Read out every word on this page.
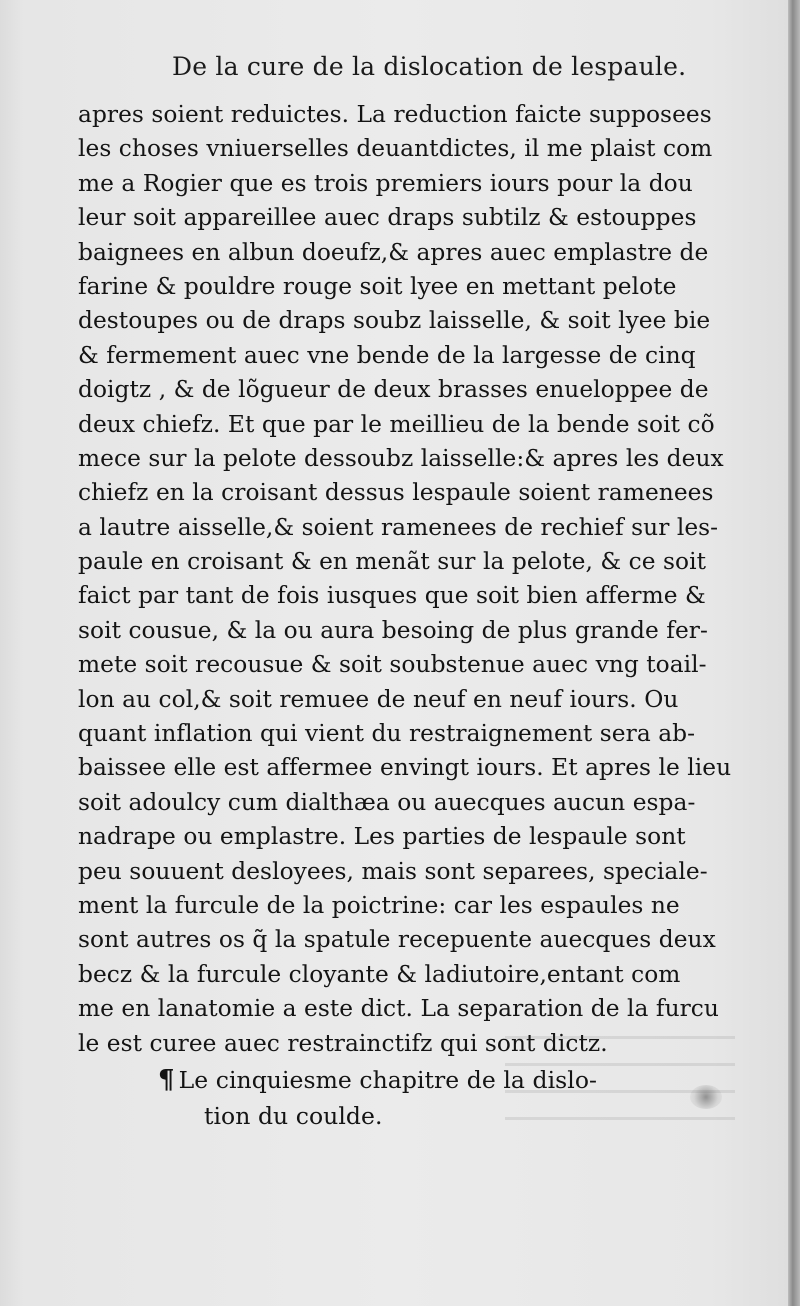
De la cure de la dislocation de lespaule.
apres soient reduictes. La reduction faicte supposees
les choses vniuerselles deuantdictes, il me plaist com
me a Rogier que es trois premiers iours pour la dou
leur soit appareillee auec draps subtilz & estouppes
baignees en albun doeufz,& apres auec emplastre de
farine & pouldre rouge soit lyee en mettant pelote
destoupes ou de draps soubz laisselle, & soit lyee bie
& fermement auec vne bende de la largesse de cinq
doigtz , & de lõgueur de deux brasses enueloppee de
deux chiefz. Et que par le meillieu de la bende soit cõ
mece sur la pelote dessoubz laisselle:& apres les deux
chiefz en la croisant dessus lespaule soient ramenees
a lautre aisselle,& soient ramenees de rechief sur les-
paule en croisant & en menãt sur la pelote, & ce soit
faict par tant de fois iusques que soit bien afferme &
soit cousue, & la ou aura besoing de plus grande fer-
mete soit recousue & soit soubstenue auec vng toail-
lon au col,& soit remuee de neuf en neuf iours. Ou
quant inflation qui vient du restraignement sera ab-
baissee elle est affermee envingt iours. Et apres le lieu
soit adoulcy cum dialthæa ou auecques aucun espa-
nadrape ou emplastre. Les parties de lespaule sont
peu souuent desloyees, mais sont separees, speciale-
ment la furcule de la poictrine: car les espaules ne
sont autres os q̃ la spatule recepuente auecques deux
becz & la furcule cloyante & ladiutoire,entant com
me en lanatomie a este dict. La separation de la furcu
le est curee auec restrainctifz qui sont dictz.
¶ Le cinquiesme chapitre de la dislo-
tion du coulde.
